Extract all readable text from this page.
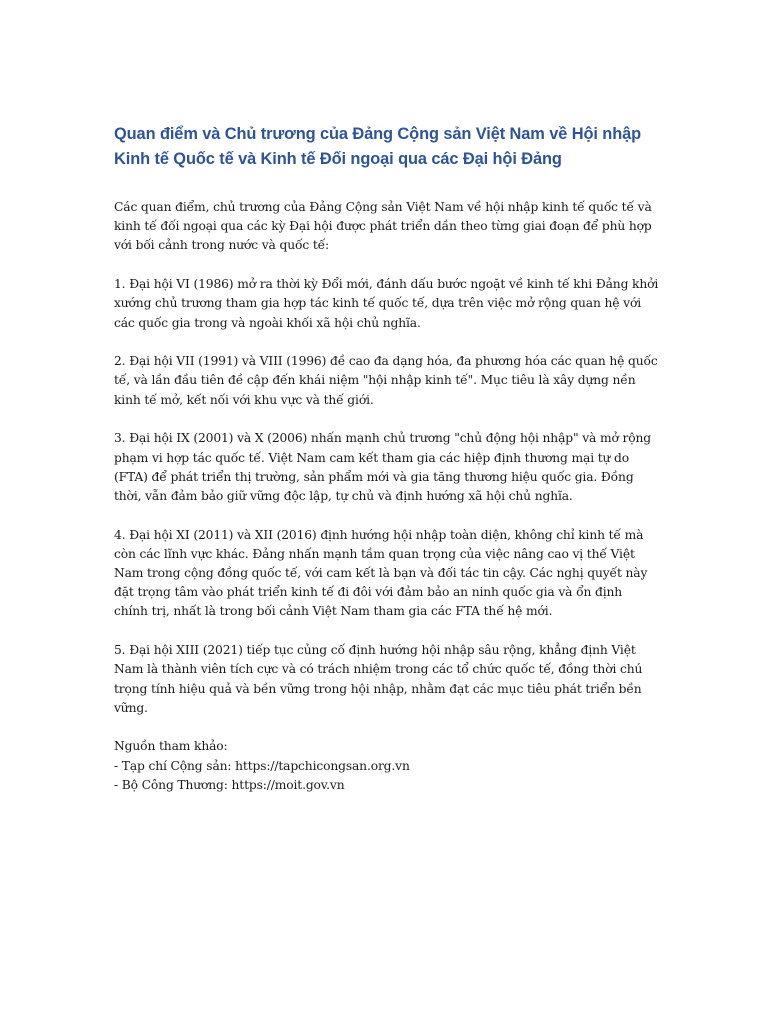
Quan điểm và Chủ trương của Đảng Cộng sản Việt Nam về Hội nhập Kinh tế Quốc tế và Kinh tế Đối ngoại qua các Đại hội Đảng

Các quan điểm, chủ trương của Đảng Cộng sản Việt Nam về hội nhập kinh tế quốc tế và kinh tế đối ngoại qua các kỳ Đại hội được phát triển dần theo từng giai đoạn để phù hợp với bối cảnh trong nước và quốc tế:

1. Đại hội VI (1986) mở ra thời kỳ Đổi mới, đánh dấu bước ngoặt về kinh tế khi Đảng khởi xướng chủ trương tham gia hợp tác kinh tế quốc tế, dựa trên việc mở rộng quan hệ với các quốc gia trong và ngoài khối xã hội chủ nghĩa.

2. Đại hội VII (1991) và VIII (1996) đề cao đa dạng hóa, đa phương hóa các quan hệ quốc tế, và lần đầu tiên đề cập đến khái niệm "hội nhập kinh tế". Mục tiêu là xây dựng nền kinh tế mở, kết nối với khu vực và thế giới.

3. Đại hội IX (2001) và X (2006) nhấn mạnh chủ trương "chủ động hội nhập" và mở rộng phạm vi hợp tác quốc tế. Việt Nam cam kết tham gia các hiệp định thương mại tự do (FTA) để phát triển thị trường, sản phẩm mới và gia tăng thương hiệu quốc gia. Đồng thời, vẫn đảm bảo giữ vững độc lập, tự chủ và định hướng xã hội chủ nghĩa.

4. Đại hội XI (2011) và XII (2016) định hướng hội nhập toàn diện, không chỉ kinh tế mà còn các lĩnh vực khác. Đảng nhấn mạnh tầm quan trọng của việc nâng cao vị thế Việt Nam trong cộng đồng quốc tế, với cam kết là bạn và đối tác tin cậy. Các nghị quyết này đặt trọng tâm vào phát triển kinh tế đi đôi với đảm bảo an ninh quốc gia và ổn định chính trị, nhất là trong bối cảnh Việt Nam tham gia các FTA thế hệ mới.

5. Đại hội XIII (2021) tiếp tục củng cố định hướng hội nhập sâu rộng, khẳng định Việt Nam là thành viên tích cực và có trách nhiệm trong các tổ chức quốc tế, đồng thời chú trọng tính hiệu quả và bền vững trong hội nhập, nhằm đạt các mục tiêu phát triển bền vững.

Nguồn tham khảo:
- Tạp chí Cộng sản: https://tapchicongsan.org.vn
- Bộ Công Thương: https://moit.gov.vn
